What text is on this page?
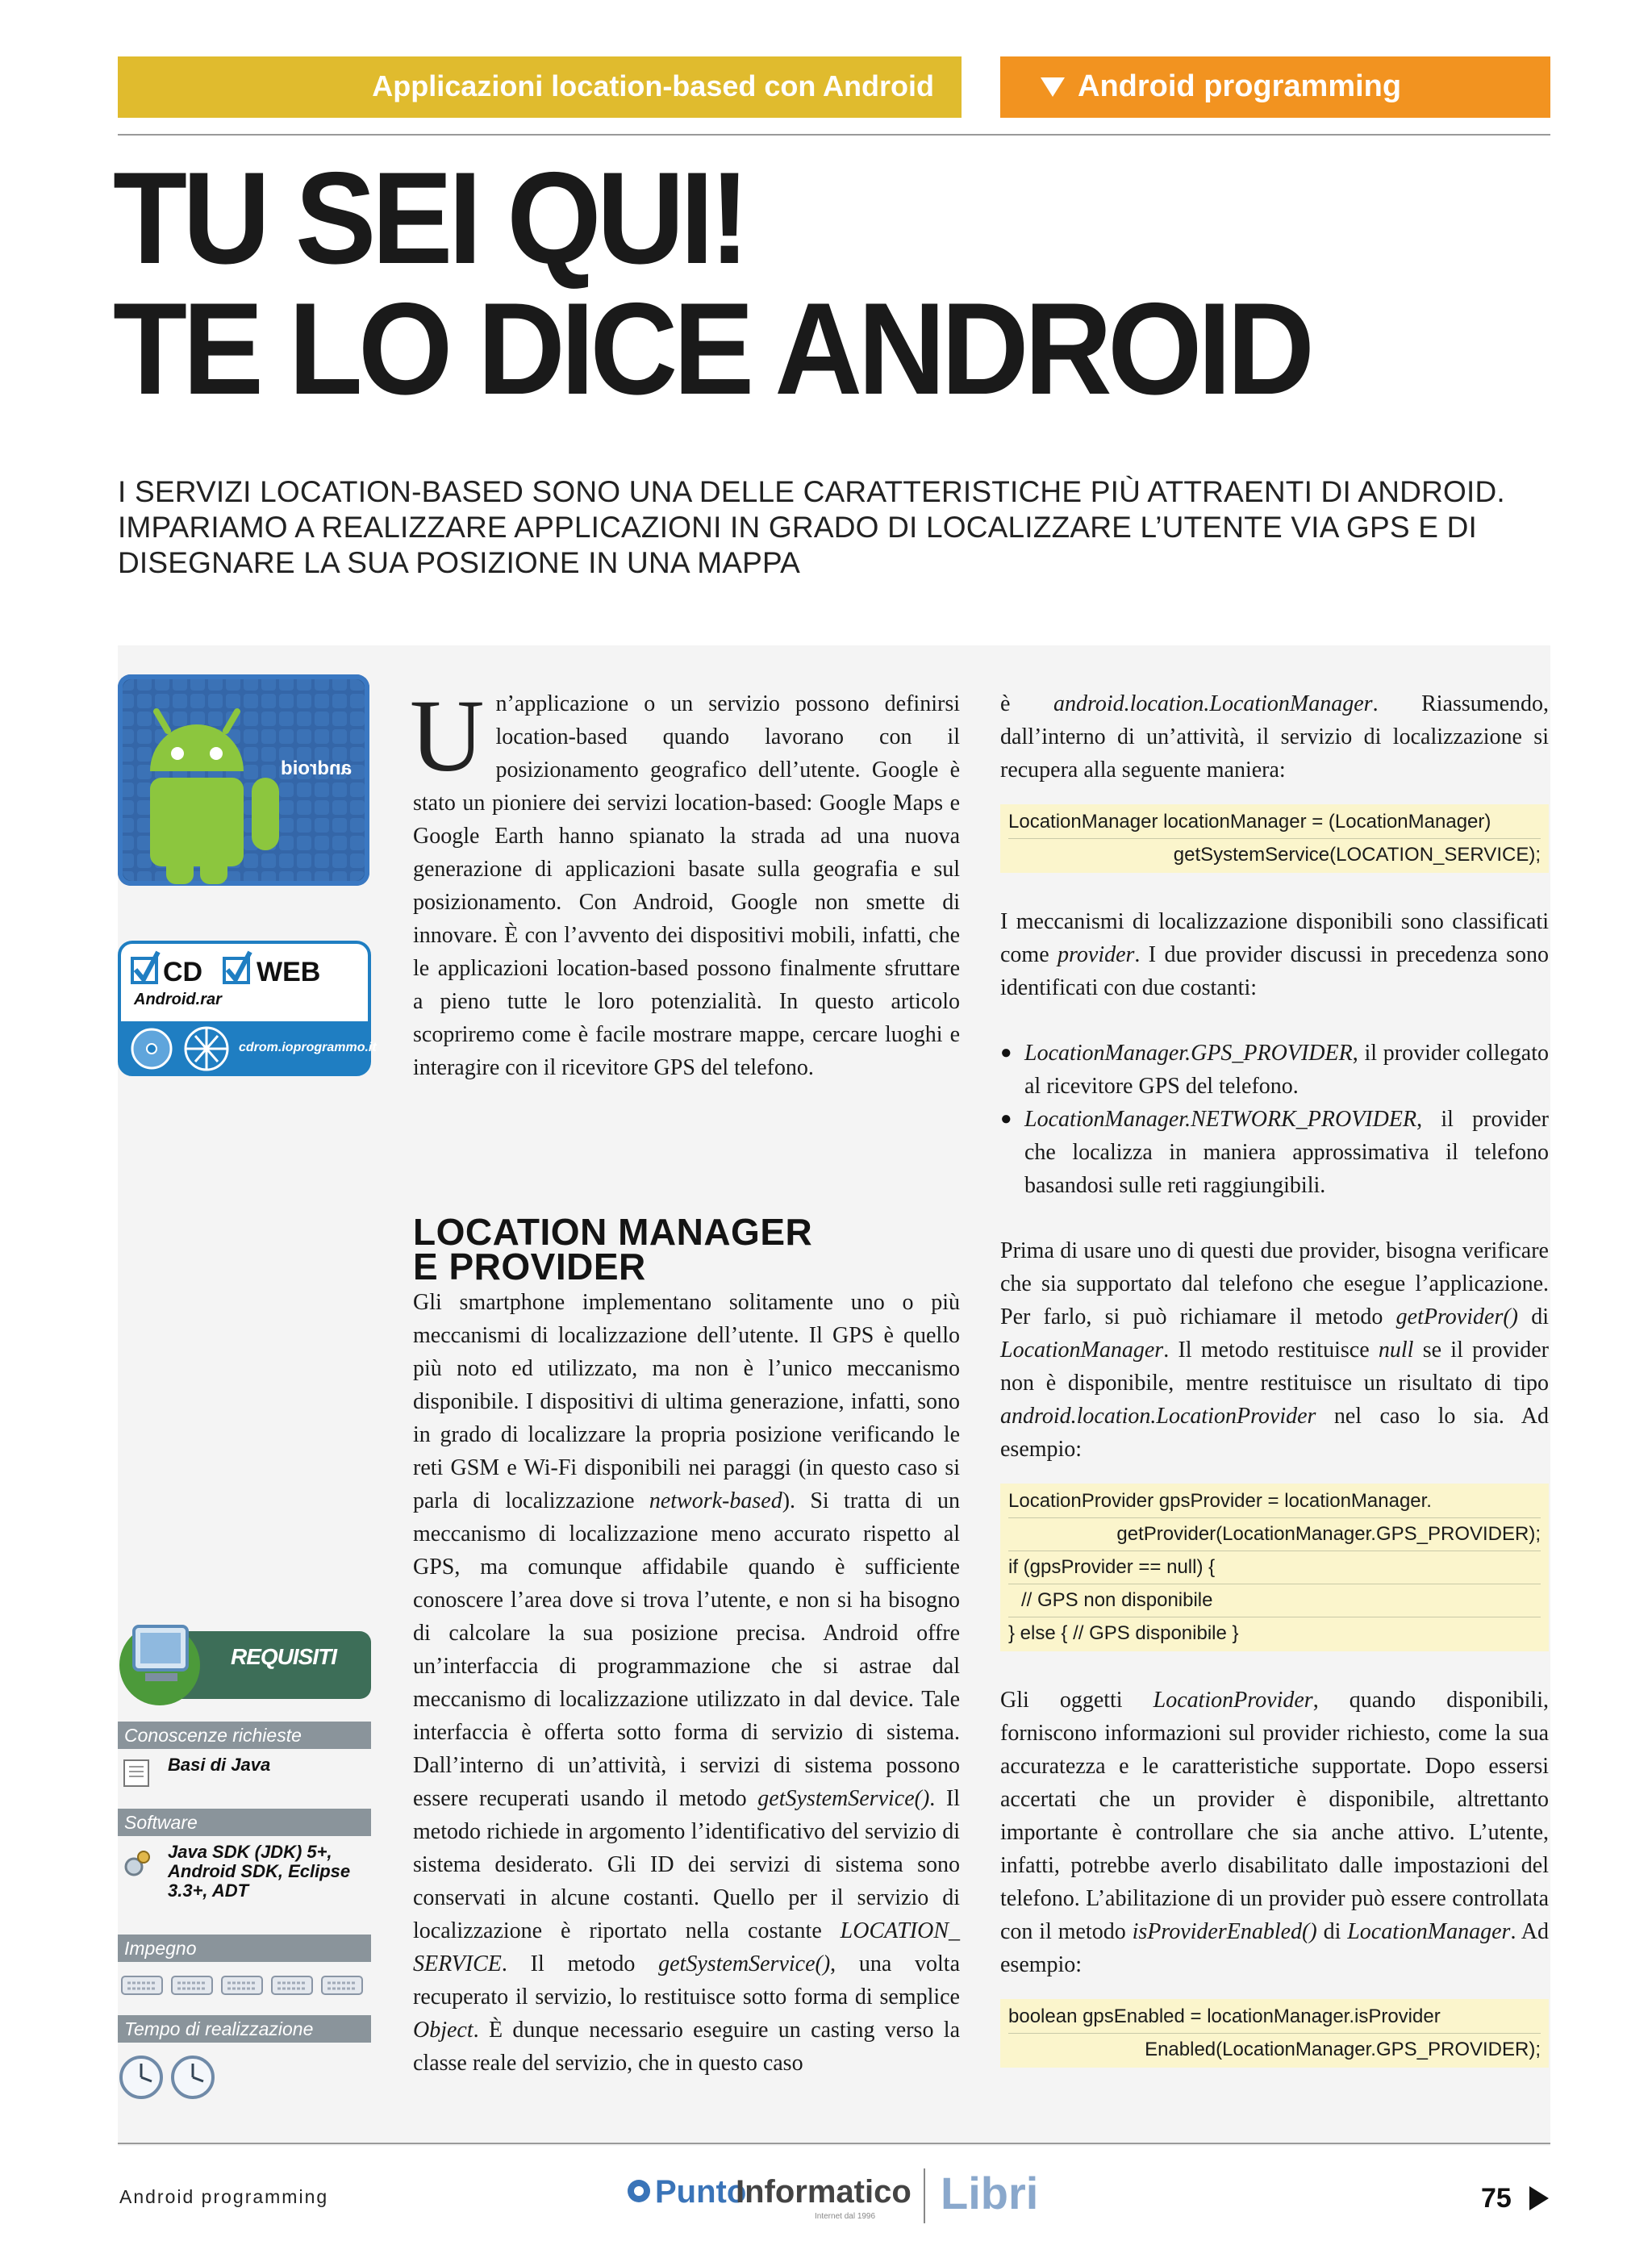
Applicazioni location-based con Android	Android programming
TU SEI QUI!
TE LO DICE ANDROID
I SERVIZI LOCATION-BASED SONO UNA DELLE CARATTERISTICHE PIÙ ATTRAENTI DI ANDROID. IMPARIAMO A REALIZZARE APPLICAZIONI IN GRADO DI LOCALIZZARE L’UTENTE VIA GPS E DI DISEGNARE LA SUA POSIZIONE IN UNA MAPPA
android
CD WEB
Android.rar
cdrom.ioprogrammo.it
REQUISITI
Conoscenze richieste
Basi di Java
Software
Java SDK (JDK) 5+, Android SDK, Eclipse 3.3+, ADT
Impegno
Tempo di realizzazione

Un’applicazione o un servizio possono definirsi location-based quando lavorano con il posizionamento geografico dell’utente. Google è stato un pioniere dei servizi location-based: Google Maps e Google Earth hanno spianato la strada ad una nuova generazione di applicazioni basate sulla geografia e sul posizionamento. Con Android, Google non smette di innovare. È con l’avvento dei dispositivi mobili, infatti, che le applicazioni location-based possono finalmente sfruttare a pieno tutte le loro potenzialità. In questo articolo scopriremo come è facile mostrare mappe, cercare luoghi e interagire con il ricevitore GPS del telefono.

LOCATION MANAGER
E PROVIDER

Gli smartphone implementano solitamente uno o più meccanismi di localizzazione dell’utente. Il GPS è quello più noto ed utilizzato, ma non è l’unico meccanismo disponibile. I dispositivi di ultima generazione, infatti, sono in grado di localizzare la propria posizione verificando le reti GSM e Wi-Fi disponibili nei paraggi (in questo caso si parla di localizzazione network-based). Si tratta di un meccanismo di localizzazione meno accurato rispetto al GPS, ma comunque affidabile quando è sufficiente conoscere l’area dove si trova l’utente, e non si ha bisogno di calcolare la sua posizione precisa. Android offre un’interfaccia di programmazione che si astrae dal meccanismo di localizzazione utilizzato in dal device. Tale interfaccia è offerta sotto forma di servizio di sistema. Dall’interno di un’attività, i servizi di sistema possono essere recuperati usando il metodo getSystemService(). Il metodo richiede in argomento l’identificativo del servizio di sistema desiderato. Gli ID dei servizi di sistema sono conservati in alcune costanti. Quello per il servizio di localizzazione è riportato nella costante LOCATION_ SERVICE. Il metodo getSystemService(), una volta recuperato il servizio, lo restituisce sotto forma di semplice Object. È dunque necessario eseguire un casting verso la classe reale del servizio, che in questo caso

è android.location.LocationManager. Riassumendo, dall’interno di un’attività, il servizio di localizzazione si recupera alla seguente maniera:

LocationManager locationManager = (LocationManager)
getSystemService(LOCATION_SERVICE);

I meccanismi di localizzazione disponibili sono classificati come provider. I due provider discussi in precedenza sono identificati con due costanti:

● LocationManager.GPS_PROVIDER, il provider collegato al ricevitore GPS del telefono.
● LocationManager.NETWORK_PROVIDER, il provider che localizza in maniera approssimativa il telefono basandosi sulle reti raggiungibili.

Prima di usare uno di questi due provider, bisogna verificare che sia supportato dal telefono che esegue l’applicazione. Per farlo, si può richiamare il metodo getProvider() di LocationManager. Il metodo restituisce null se il provider non è disponibile, mentre restituisce un risultato di tipo android.location.LocationProvider nel caso lo sia. Ad esempio:

LocationProvider gpsProvider = locationManager.
getProvider(LocationManager.GPS_PROVIDER);
if (gpsProvider == null) {
// GPS non disponibile
} else { // GPS disponibile }

Gli oggetti LocationProvider, quando disponibili, forniscono informazioni sul provider richiesto, come la sua accuratezza e le caratteristiche supportate. Dopo essersi accertati che un provider è disponibile, altrettanto importante è controllare che sia anche attivo. L’utente, infatti, potrebbe averlo disabilitato dalle impostazioni del telefono. L’abilitazione di un provider può essere controllata con il metodo isProviderEnabled() di LocationManager. Ad esempio:

boolean gpsEnabled = locationManager.isProvider
Enabled(LocationManager.GPS_PROVIDER);
Android programming	Punto
Informatico
Internet dal 1996 Libri	75
